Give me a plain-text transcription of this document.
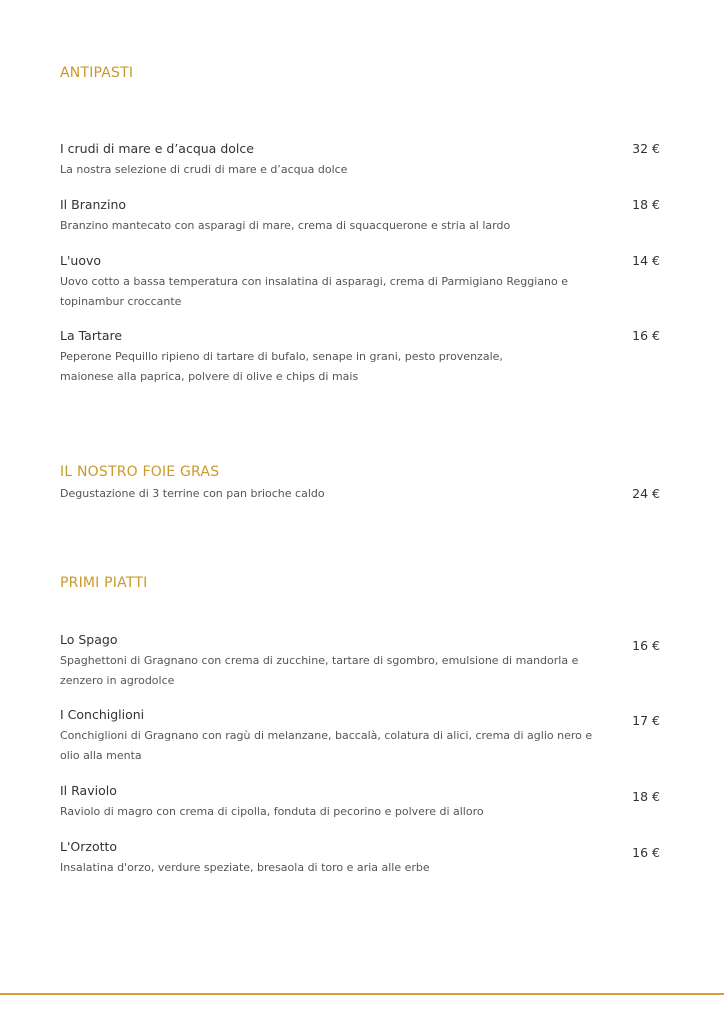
ANTIPASTI

I crudi di mare e d’acqua dolce

La nostra selezione di crudi di mare e d’acqua dolce

32 €

Il Branzino

Branzino mantecato con asparagi di mare, crema di squacquerone e stria al lardo

18 €

L'uovo

Uovo cotto a bassa temperatura con insalatina di asparagi, crema di Parmigiano Reggiano e topinambur croccante

14 €

La Tartare

Peperone Pequillo ripieno di tartare di bufalo, senape in grani, pesto provenzale, maionese alla paprica, polvere di olive e chips di mais

16 €

IL NOSTRO FOIE GRAS

Degustazione di 3 terrine con pan brioche caldo	24 €

PRIMI PIATTI

Lo Spago

Spaghettoni di Gragnano con crema di zucchine, tartare di sgombro, emulsione di mandorla e zenzero in agrodolce

16 €

I Conchiglioni

Conchiglioni di Gragnano con ragù di melanzane, baccalà, colatura di alici, crema di aglio nero e olio alla menta

17 €

Il Raviolo

Raviolo di magro con crema di cipolla, fonduta di pecorino e polvere di alloro

18 €

L'Orzotto

Insalatina d'orzo, verdure speziate, bresaola di toro e aria alle erbe

16 €
